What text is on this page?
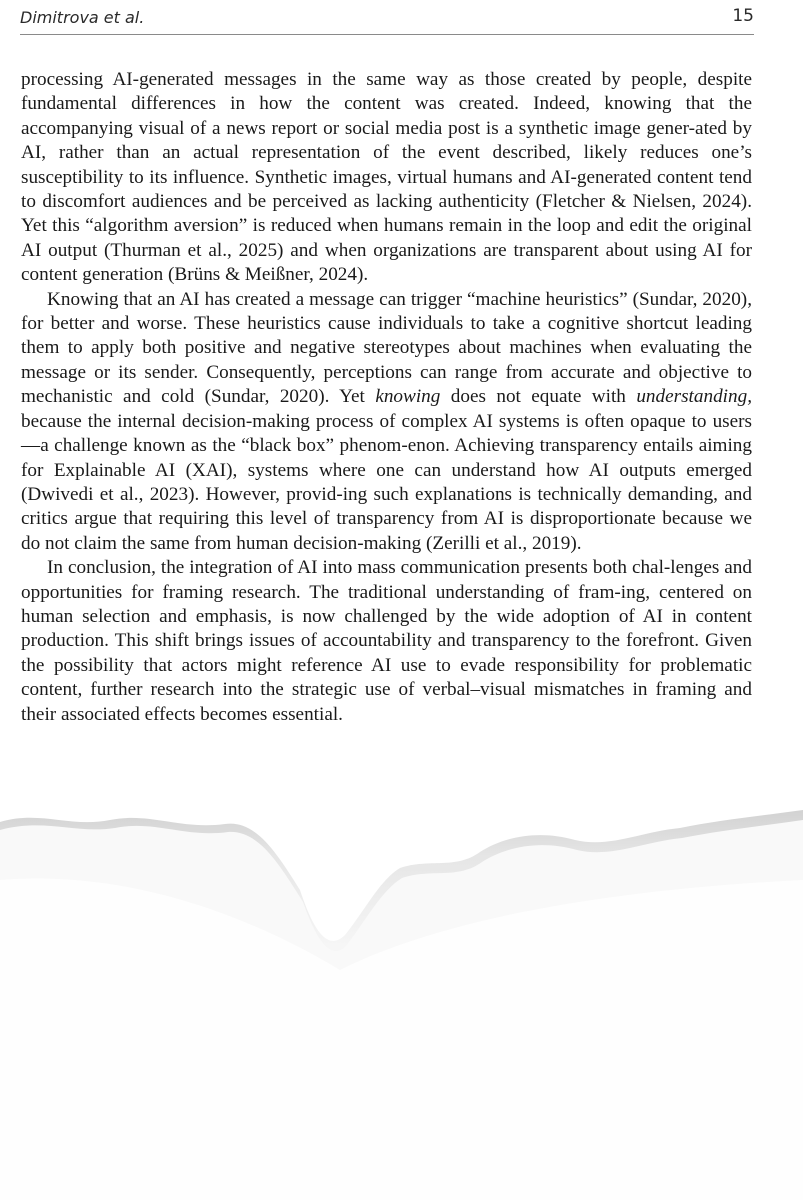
Dimitrova et al.	15

processing AI-generated messages in the same way as those created by people, despite fundamental differences in how the content was created. Indeed, knowing that the accompanying visual of a news report or social media post is a synthetic image gener-ated by AI, rather than an actual representation of the event described, likely reduces one’s susceptibility to its influence. Synthetic images, virtual humans and AI-generated content tend to discomfort audiences and be perceived as lacking authenticity (Fletcher & Nielsen, 2024). Yet this “algorithm aversion” is reduced when humans remain in the loop and edit the original AI output (Thurman et al., 2025) and when organizations are transparent about using AI for content generation (Brüns & Meißner, 2024).

Knowing that an AI has created a message can trigger “machine heuristics” (Sundar, 2020), for better and worse. These heuristics cause individuals to take a cognitive shortcut leading them to apply both positive and negative stereotypes about machines when evaluating the message or its sender. Consequently, perceptions can range from accurate and objective to mechanistic and cold (Sundar, 2020). Yet knowing does not equate with understanding, because the internal decision-making process of complex AI systems is often opaque to users—a challenge known as the “black box” phenom-enon. Achieving transparency entails aiming for Explainable AI (XAI), systems where one can understand how AI outputs emerged (Dwivedi et al., 2023). However, provid-ing such explanations is technically demanding, and critics argue that requiring this level of transparency from AI is disproportionate because we do not claim the same from human decision-making (Zerilli et al., 2019).

In conclusion, the integration of AI into mass communication presents both chal-lenges and opportunities for framing research. The traditional understanding of fram-ing, centered on human selection and emphasis, is now challenged by the wide adoption of AI in content production. This shift brings issues of accountability and transparency to the forefront. Given the possibility that actors might reference AI use to evade responsibility for problematic content, further research into the strategic use of verbal–visual mismatches in framing and their associated effects becomes essential.
